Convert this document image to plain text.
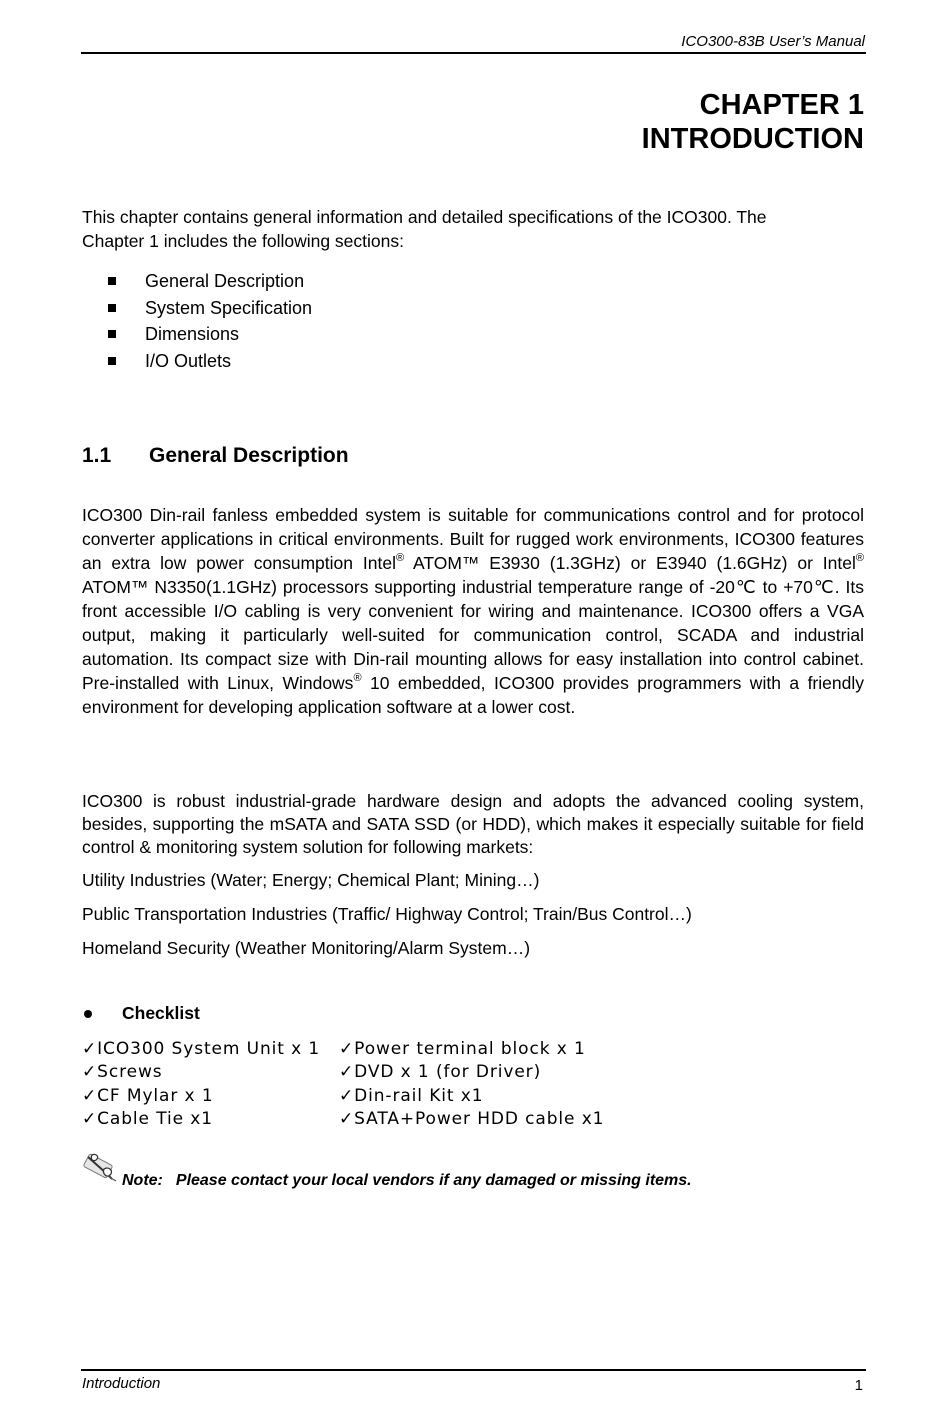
ICO300-83B User’s Manual
CHAPTER 1
INTRODUCTION
This chapter contains general information and detailed specifications of the ICO300. The
Chapter 1 includes the following sections:
General Description
System Specification
Dimensions
I/O Outlets
1.1 General Description
ICO300 Din-rail fanless embedded system is suitable for communications control and for protocol converter applications in critical environments. Built for rugged work environments, ICO300 features an extra low power consumption Intel® ATOM™ E3930 (1.3GHz) or E3940 (1.6GHz) or Intel® ATOM™ N3350(1.1GHz) processors supporting industrial temperature range of -20℃ to +70℃. Its front accessible I/O cabling is very convenient for wiring and maintenance. ICO300 offers a VGA output, making it particularly well-suited for communication control, SCADA and industrial automation. Its compact size with Din-rail mounting allows for easy installation into control cabinet. Pre-installed with Linux, Windows® 10 embedded, ICO300 provides programmers with a friendly environment for developing application software at a lower cost.
ICO300 is robust industrial-grade hardware design and adopts the advanced cooling system, besides, supporting the mSATA and SATA SSD (or HDD), which makes it especially suitable for field control & monitoring system solution for following markets:
Utility Industries (Water; Energy; Chemical Plant; Mining…)
Public Transportation Industries (Traffic/ Highway Control; Train/Bus Control…)
Homeland Security (Weather Monitoring/Alarm System…)
Checklist
✓ICO300 System Unit x 1
✓Screws
✓CF Mylar x 1
✓Cable Tie x1
✓Power terminal block x 1
✓DVD x 1 (for Driver)
✓Din-rail Kit x1
✓SATA+Power HDD cable x1
Note: Please contact your local vendors if any damaged or missing items.
Introduction	1
